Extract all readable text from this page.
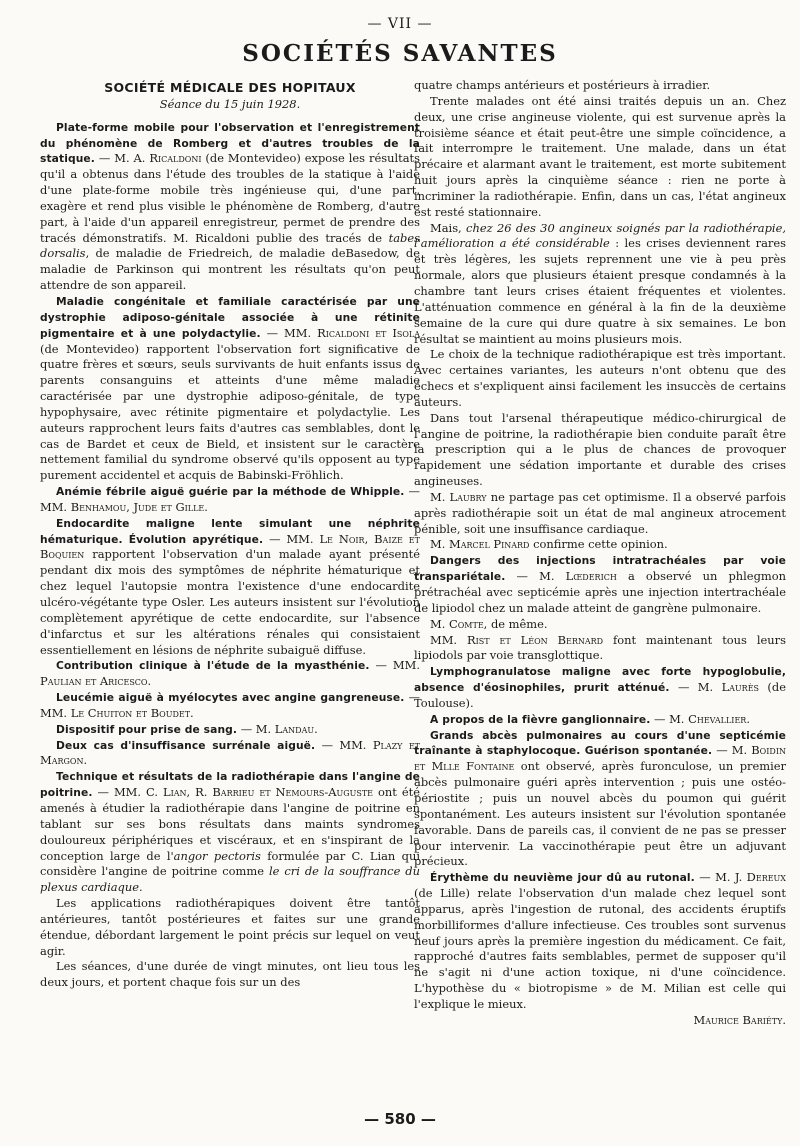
— VII —
SOCIÉTÉS SAVANTES
SOCIÉTÉ MÉDICALE DES HOPITAUX
Séance du 15 juin 1928.

Plate-forme mobile pour l'observation et l'enregistrement du phénomène de Romberg et d'autres troubles de la statique. — M. A. Ricaldoni (de Montevideo) expose les résultats qu'il a obtenus dans l'étude des troubles de la statique à l'aide d'une plate-forme mobile très ingénieuse qui, d'une part, exagère et rend plus visible le phénomène de Romberg, d'autre part, à l'aide d'un appareil enregistreur, permet de prendre des tracés démonstratifs. M. Ricaldoni publie des tracés de tabes dorsalis, de maladie de Friedreich, de maladie deBasedow, de maladie de Parkinson qui montrent les résultats qu'on peut attendre de son appareil.

Maladie congénitale et familiale caractérisée par une dystrophie adiposo-génitale associée à une rétinite pigmentaire et à une polydactylie. — MM. Ricaldoni et Isola (de Montevideo) rapportent l'observation fort significative de quatre frères et sœurs, seuls survivants de huit enfants issus de parents consanguins et atteints d'une même maladie caractérisée par une dystrophie adiposo-génitale, de type hypophysaire, avec rétinite pigmentaire et polydactylie. Les auteurs rapprochent leurs faits d'autres cas semblables, dont le cas de Bardet et ceux de Bield, et insistent sur le caractère nettement familial du syndrome observé qu'ils opposent au type purement accidentel et acquis de Babinski-Fröhlich.

Anémie fébrile aiguë guérie par la méthode de Whipple. — MM. Benhamou, Jude et Gille.

Endocardite maligne lente simulant une néphrite hématurique. Évolution apyrétique. — MM. Le Noir, Baize et Boquien rapportent l'observation d'un malade ayant présenté pendant dix mois des symptômes de néphrite hématurique et chez lequel l'autopsie montra l'existence d'une endocardite ulcéro-végétante type Osler. Les auteurs insistent sur l'évolution complètement apyrétique de cette endocardite, sur l'absence d'infarctus et sur les altérations rénales qui consistaient essentiellement en lésions de néphrite subaiguë diffuse.

Contribution clinique à l'étude de la myasthénie. — MM. Paulian et Aricesco.

Leucémie aiguë à myélocytes avec angine gangreneuse. — MM. Le Chuiton et Boudet.

Dispositif pour prise de sang. — M. Landau.

Deux cas d'insuffisance surrénale aiguë. — MM. Plazy et Margon.

Technique et résultats de la radiothérapie dans l'angine de poitrine. — MM. C. Lian, R. Barrieu et Nemours-Auguste ont été amenés à étudier la radiothérapie dans l'angine de poitrine en tablant sur ses bons résultats dans maints syndromes douloureux périphériques et viscéraux, et en s'inspirant de la conception large de l'angor pectoris formulée par C. Lian qui considère l'angine de poitrine comme le cri de la souffrance du plexus cardiaque.

Les applications radiothérapiques doivent être tantôt antérieures, tantôt postérieures et faites sur une grande étendue, débordant largement le point précis sur lequel on veut agir.

Les séances, d'une durée de vingt minutes, ont lieu tous les deux jours, et portent chaque fois sur un des

quatre champs antérieurs et postérieurs à irradier.

Trente malades ont été ainsi traités depuis un an. Chez deux, une crise angineuse violente, qui est survenue après la troisième séance et était peut-être une simple coïncidence, a fait interrompre le traitement. Une malade, dans un état précaire et alarmant avant le traitement, est morte subitement huit jours après la cinquième séance : rien ne porte à incriminer la radiothérapie. Enfin, dans un cas, l'état angineux est resté stationnaire.

Mais, chez 26 des 30 angineux soignés par la radiothérapie, l'amélioration a été considérable : les crises deviennent rares et très légères, les sujets reprennent une vie à peu près normale, alors que plusieurs étaient presque condamnés à la chambre tant leurs crises étaient fréquentes et violentes. L'atténuation commence en général à la fin de la deuxième semaine de la cure qui dure quatre à six semaines. Le bon résultat se maintient au moins plusieurs mois.

Le choix de la technique radiothérapique est très important. Avec certaines variantes, les auteurs n'ont obtenu que des échecs et s'expliquent ainsi facilement les insuccès de certains auteurs.

Dans tout l'arsenal thérapeutique médico-chirurgical de l'angine de poitrine, la radiothérapie bien conduite paraît être la prescription qui a le plus de chances de provoquer rapidement une sédation importante et durable des crises angineuses.

M. Laubry ne partage pas cet optimisme. Il a observé parfois après radiothérapie soit un état de mal angineux atrocement pénible, soit une insuffisance cardiaque.

M. Marcel Pinard confirme cette opinion.

Dangers des injections intratrachéales par voie transpariétale. — M. Lœderich a observé un phlegmon prétrachéal avec septicémie après une injection intertrachéale de lipiodol chez un malade atteint de gangrène pulmonaire.

M. Comte, de même.

MM. Rist et Léon Bernard font maintenant tous leurs lipiodols par voie transglottique.

Lymphogranulatose maligne avec forte hypoglobulie, absence d'éosinophiles, prurit atténué. — M. Laurès (de Toulouse).

A propos de la fièvre ganglionnaire. — M. Chevallier.

Grands abcès pulmonaires au cours d'une septicémie traînante à staphylocoque. Guérison spontanée. — M. Boidin et Mlle Fontaine ont observé, après furonculose, un premier abcès pulmonaire guéri après intervention ; puis une ostéo-périostite ; puis un nouvel abcès du poumon qui guérit spontanément. Les auteurs insistent sur l'évolution spontanée favorable. Dans de pareils cas, il convient de ne pas se presser pour intervenir. La vaccinothérapie peut être un adjuvant précieux.

Érythème du neuvième jour dû au rutonal. — M. J. Dereux (de Lille) relate l'observation d'un malade chez lequel sont apparus, après l'ingestion de rutonal, des accidents éruptifs morbilliformes d'allure infectieuse. Ces troubles sont survenus neuf jours après la première ingestion du médicament. Ce fait, rapproché d'autres faits semblables, permet de supposer qu'il ne s'agit ni d'une action toxique, ni d'une coïncidence. L'hypothèse du « biotropisme » de M. Milian est celle qui l'explique le mieux.

Maurice Bariéty.
— 580 —
